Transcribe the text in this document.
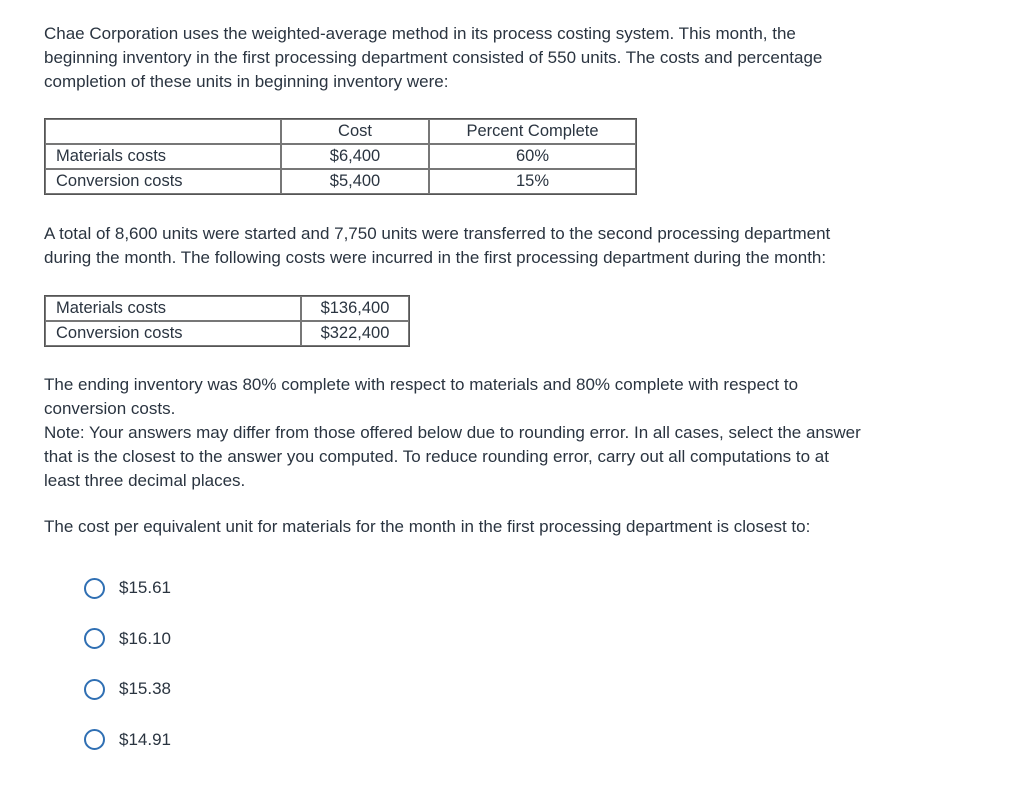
Chae Corporation uses the weighted-average method in its process costing system. This month, the
beginning inventory in the first processing department consisted of 550 units. The costs and percentage
completion of these units in beginning inventory were:
	Cost	Percent Complete
Materials costs	$6,400	60%
Conversion costs	$5,400	15%
A total of 8,600 units were started and 7,750 units were transferred to the second processing department
during the month. The following costs were incurred in the first processing department during the month:
Materials costs	$136,400
Conversion costs	$322,400
The ending inventory was 80% complete with respect to materials and 80% complete with respect to
conversion costs.
Note: Your answers may differ from those offered below due to rounding error. In all cases, select the answer
that is the closest to the answer you computed. To reduce rounding error, carry out all computations to at
least three decimal places.
The cost per equivalent unit for materials for the month in the first processing department is closest to:
$15.61
$16.10
$15.38
$14.91
